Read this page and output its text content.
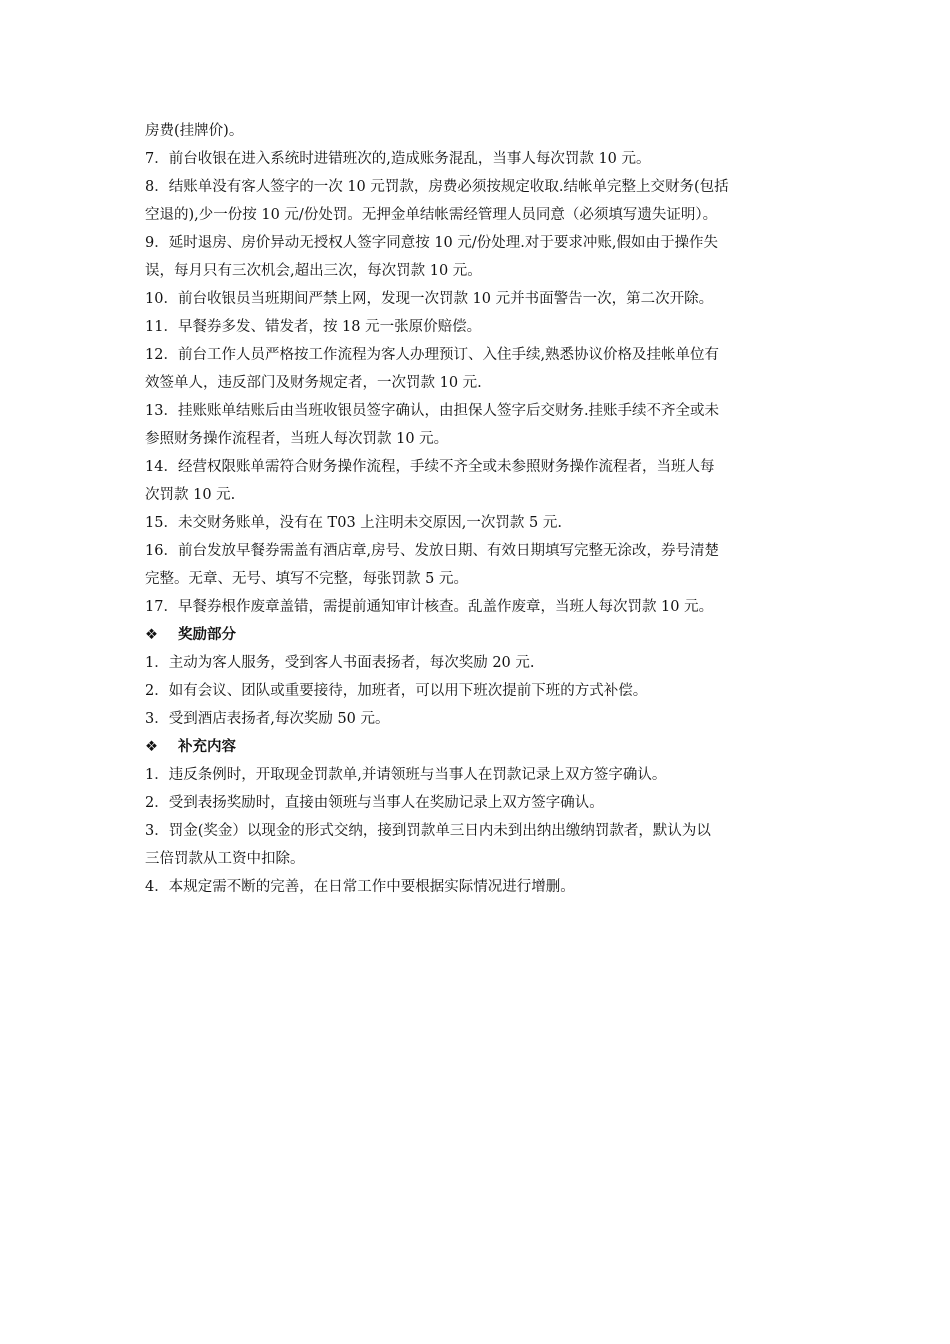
房费(挂牌价)。
7．前台收银在进入系统时进错班次的,造成账务混乱，当事人每次罚款 10 元。
8．结账单没有客人签字的一次 10 元罚款，房费必须按规定收取.结帐单完整上交财务(包括
空退的),少一份按 10 元/份处罚。无押金单结帐需经管理人员同意（必须填写遗失证明）。
9．延时退房、房价异动无授权人签字同意按 10 元/份处理.对于要求冲账,假如由于操作失
误，每月只有三次机会,超出三次，每次罚款 10 元。
10．前台收银员当班期间严禁上网，发现一次罚款 10 元并书面警告一次，第二次开除。
11．早餐券多发、错发者，按 18 元一张原价赔偿。
12．前台工作人员严格按工作流程为客人办理预订、入住手续,熟悉协议价格及挂帐单位有
效签单人，违反部门及财务规定者，一次罚款 10 元.
13．挂账账单结账后由当班收银员签字确认，由担保人签字后交财务.挂账手续不齐全或未
参照财务操作流程者，当班人每次罚款 10 元。
14．经营权限账单需符合财务操作流程，手续不齐全或未参照财务操作流程者，当班人每
次罚款 10 元.
15．未交财务账单，没有在 T03 上注明未交原因,一次罚款 5 元.
16．前台发放早餐券需盖有酒店章,房号、发放日期、有效日期填写完整无涂改，券号清楚
完整。无章、无号、填写不完整，每张罚款 5 元。
17．早餐券根作废章盖错，需提前通知审计核查。乱盖作废章，当班人每次罚款 10 元。
❖ 奖励部分
1．主动为客人服务，受到客人书面表扬者，每次奖励 20 元.
2．如有会议、团队或重要接待，加班者，可以用下班次提前下班的方式补偿。
3．受到酒店表扬者,每次奖励 50 元。
❖ 补充内容
1．违反条例时，开取现金罚款单,并请领班与当事人在罚款记录上双方签字确认。
2．受到表扬奖励时，直接由领班与当事人在奖励记录上双方签字确认。
3．罚金(奖金）以现金的形式交纳，接到罚款单三日内未到出纳出缴纳罚款者，默认为以
三倍罚款从工资中扣除。
4．本规定需不断的完善，在日常工作中要根据实际情况进行增删。
